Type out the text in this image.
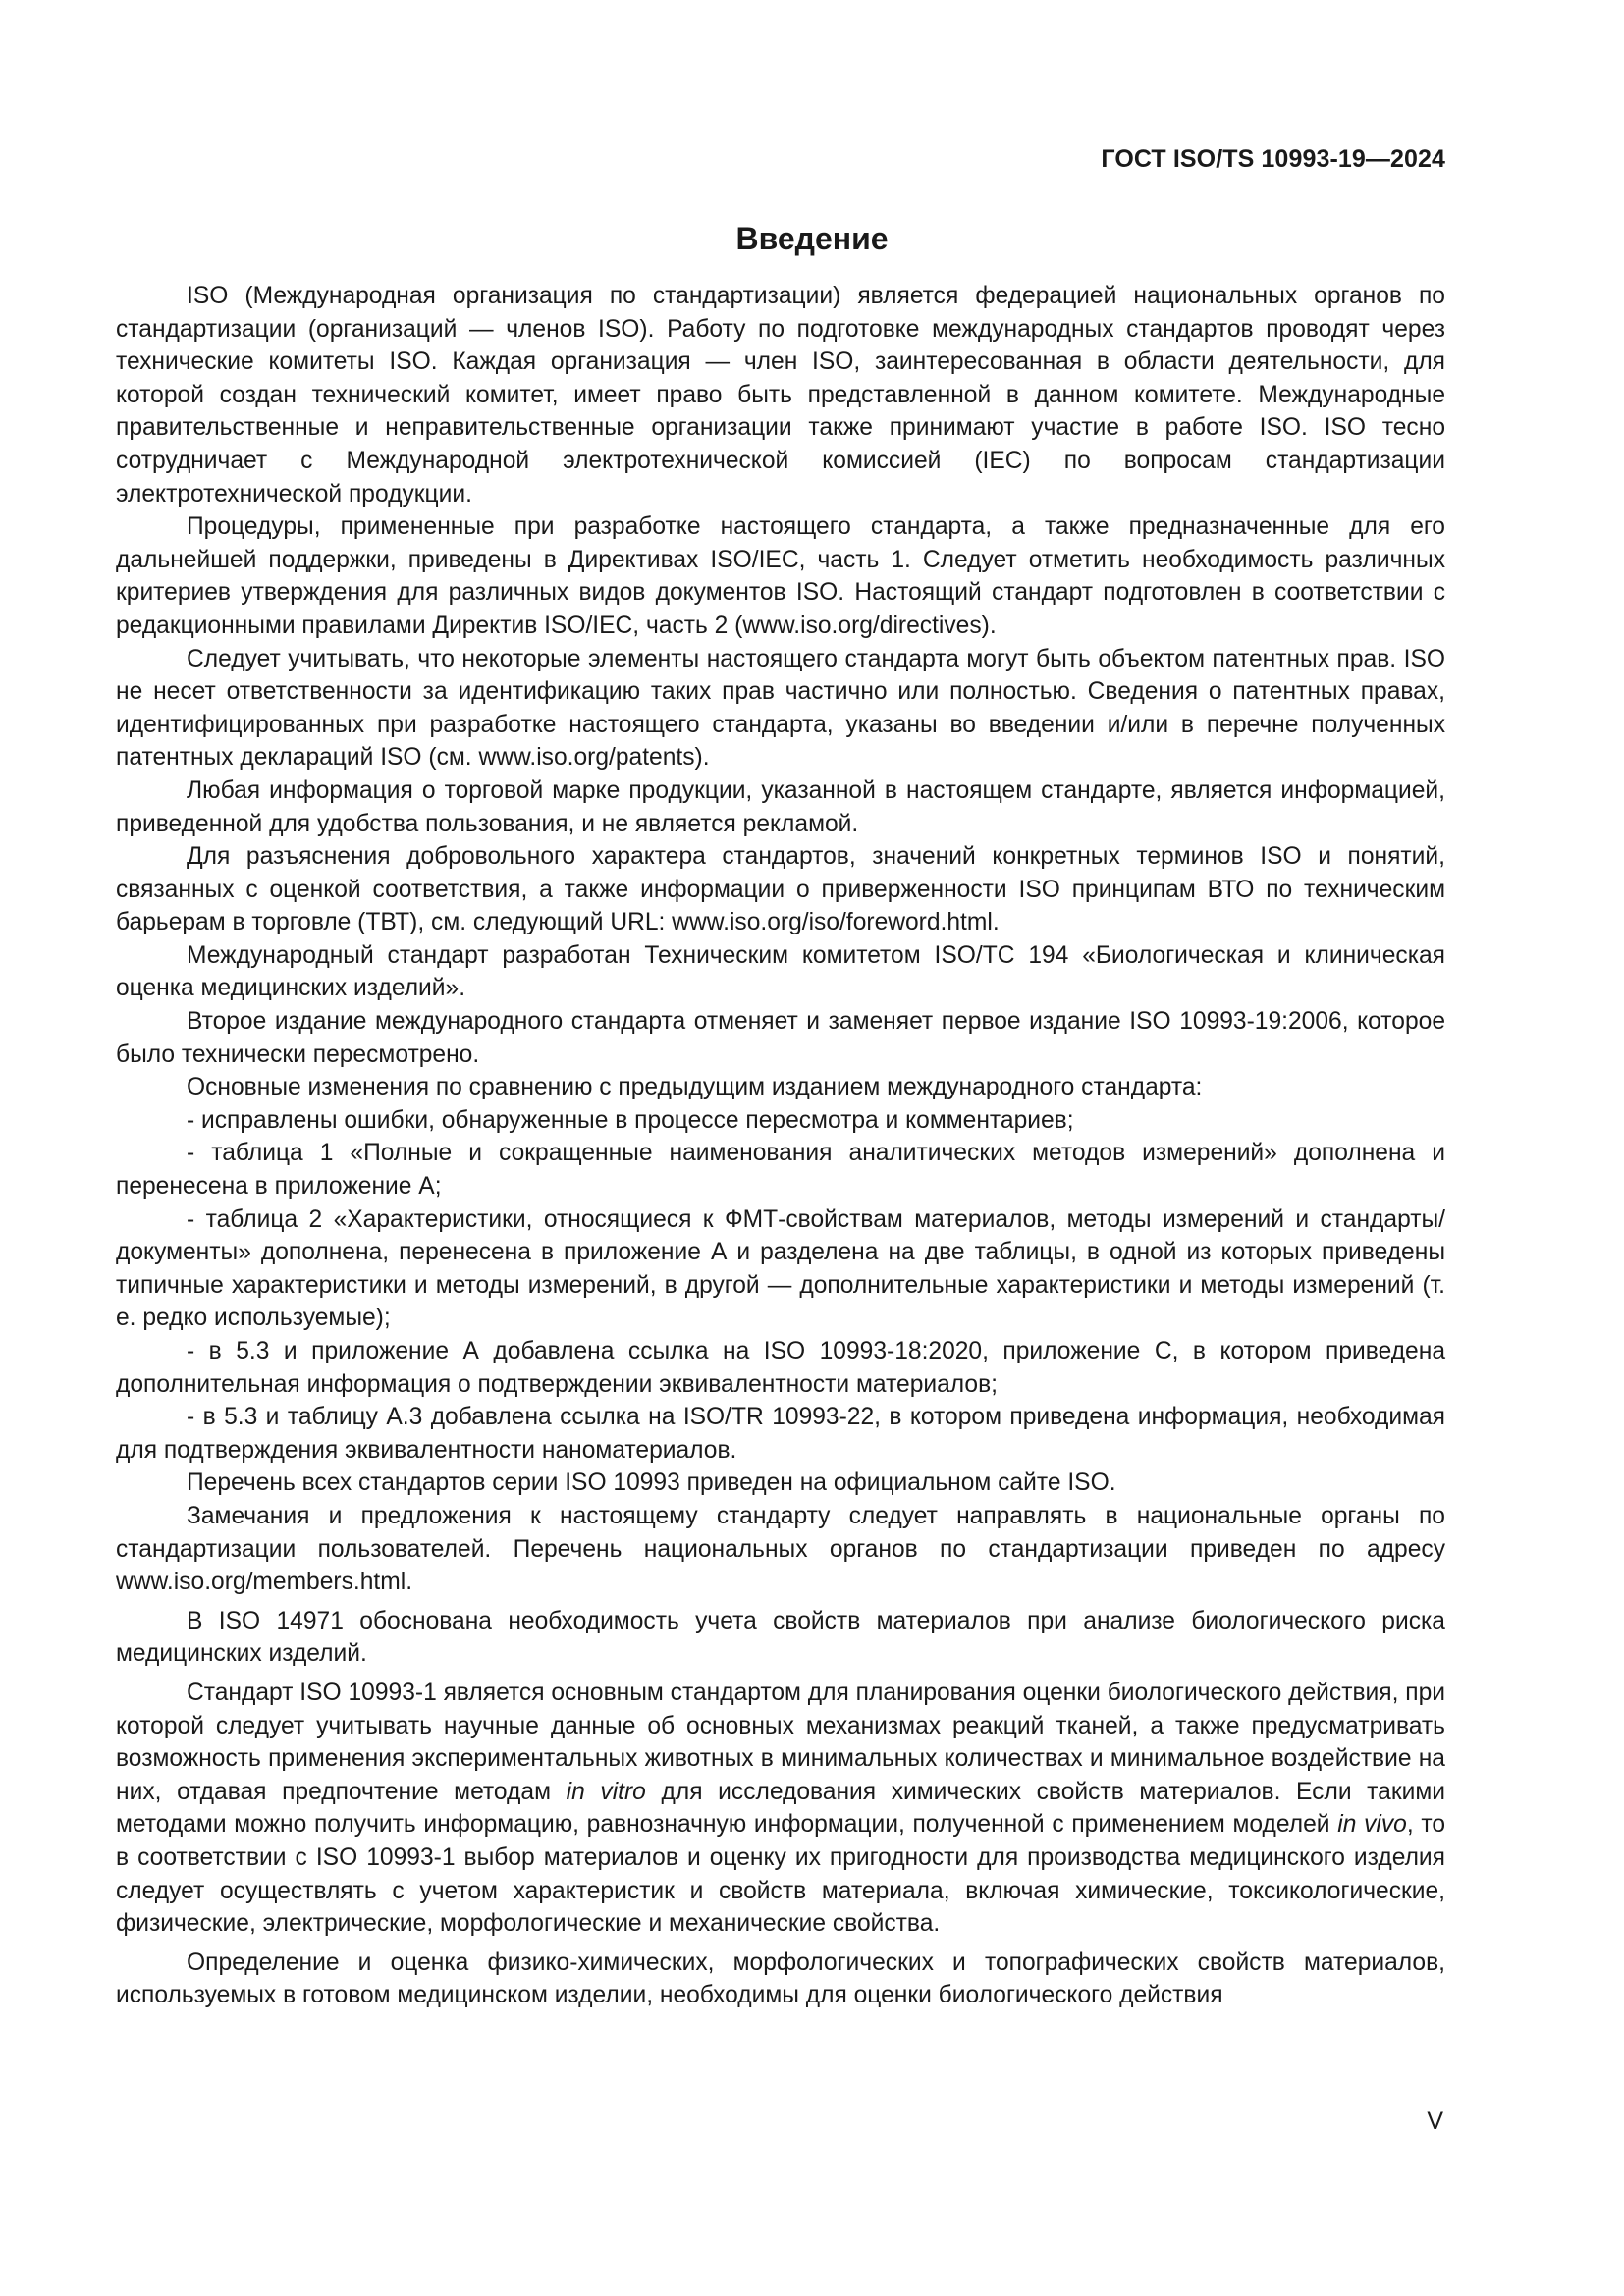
ГОСТ ISO/TS 10993-19—2024
Введение

ISO (Международная организация по стандартизации) является федерацией национальных органов по стандартизации (организаций — членов ISO). Работу по подготовке международных стандартов проводят через технические комитеты ISO. Каждая организация — член ISO, заинтересованная в области деятельности, для которой создан технический комитет, имеет право быть представленной в данном комитете. Международные правительственные и неправительственные организации также принимают участие в работе ISO. ISO тесно сотрудничает с Международной электротехнической комиссией (IEC) по вопросам стандартизации электротехнической продукции.

Процедуры, примененные при разработке настоящего стандарта, а также предназначенные для его дальнейшей поддержки, приведены в Директивах ISO/IEC, часть 1. Следует отметить необходимость различных критериев утверждения для различных видов документов ISO. Настоящий стандарт подготовлен в соответствии с редакционными правилами Директив ISO/IEC, часть 2 (www.iso.org/directives).

Следует учитывать, что некоторые элементы настоящего стандарта могут быть объектом патентных прав. ISO не несет ответственности за идентификацию таких прав частично или полностью. Сведения о патентных правах, идентифицированных при разработке настоящего стандарта, указаны во введении и/или в перечне полученных патентных деклараций ISO (см. www.iso.org/patents).

Любая информация о торговой марке продукции, указанной в настоящем стандарте, является информацией, приведенной для удобства пользования, и не является рекламой.

Для разъяснения добровольного характера стандартов, значений конкретных терминов ISO и понятий, связанных с оценкой соответствия, а также информации о приверженности ISO принципам ВТО по техническим барьерам в торговле (ТВТ), см. следующий URL: www.iso.org/iso/foreword.html.

Международный стандарт разработан Техническим комитетом ISO/TC 194 «Биологическая и клиническая оценка медицинских изделий».

Второе издание международного стандарта отменяет и заменяет первое издание ISO 10993-19:2006, которое было технически пересмотрено.

Основные изменения по сравнению с предыдущим изданием международного стандарта:

- исправлены ошибки, обнаруженные в процессе пересмотра и комментариев;

- таблица 1 «Полные и сокращенные наименования аналитических методов измерений» дополнена и перенесена в приложение А;

- таблица 2 «Характеристики, относящиеся к ФМТ-свойствам материалов, методы измерений и стандарты/документы» дополнена, перенесена в приложение А и разделена на две таблицы, в одной из которых приведены типичные характеристики и методы измерений, в другой — дополнительные характеристики и методы измерений (т. е. редко используемые);

- в 5.3 и приложение А добавлена ссылка на ISO 10993-18:2020, приложение С, в котором приведена дополнительная информация о подтверждении эквивалентности материалов;

- в 5.3 и таблицу А.3 добавлена ссылка на ISO/TR 10993-22, в котором приведена информация, необходимая для подтверждения эквивалентности наноматериалов.

Перечень всех стандартов серии ISO 10993 приведен на официальном сайте ISO.

Замечания и предложения к настоящему стандарту следует направлять в национальные органы по стандартизации пользователей. Перечень национальных органов по стандартизации приведен по адресу www.iso.org/members.html.

В ISO 14971 обоснована необходимость учета свойств материалов при анализе биологического риска медицинских изделий.

Стандарт ISO 10993-1 является основным стандартом для планирования оценки биологического действия, при которой следует учитывать научные данные об основных механизмах реакций тканей, а также предусматривать возможность применения экспериментальных животных в минимальных количествах и минимальное воздействие на них, отдавая предпочтение методам in vitro для исследования химических свойств материалов. Если такими методами можно получить информацию, равнозначную информации, полученной с применением моделей in vivo, то в соответствии с ISO 10993-1 выбор материалов и оценку их пригодности для производства медицинского изделия следует осуществлять с учетом характеристик и свойств материала, включая химические, токсикологические, физические, электрические, морфологические и механические свойства.

Определение и оценка физико-химических, морфологических и топографических свойств материалов, используемых в готовом медицинском изделии, необходимы для оценки биологического действия

V
